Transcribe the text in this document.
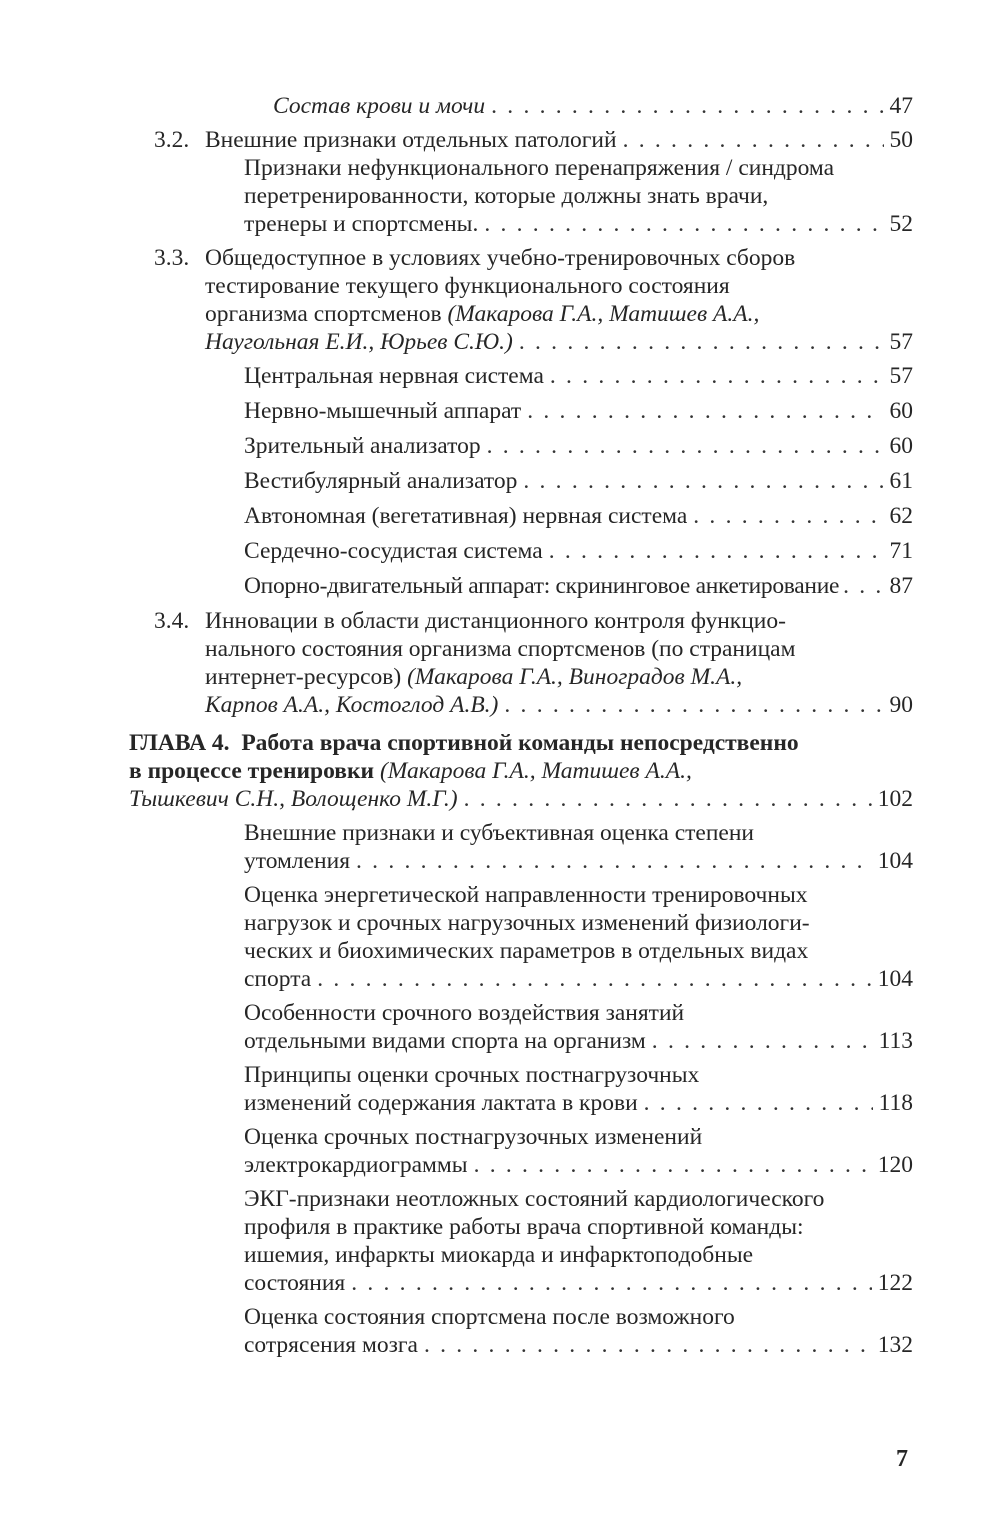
Состав крови и мочи . . .	47
3.2. Внешние признаки отдельных патологий . . .	50
Признаки нефункционального перенапряжения / синдрома
перетренированности, которые должны знать врачи,
тренеры и спортсмены. . . .	52
3.3. Общедоступное в условиях учебно-тренировочных сборов
тестирование текущего функционального состояния
организма спортсменов
(Макарова Г.А., Матишев А.А.,
Наугольная Е.И., Юрьев С.Ю.) . . .	57
Центральная нервная система . . .	57
Нервно-мышечный аппарат . . .	60
Зрительный анализатор . . .	60
Вестибулярный анализатор . . .	61
Автономная (вегетативная) нервная система . . .	62
Сердечно-сосудистая система . . .	71
Опорно-двигательный аппарат: скрининговое анкетирование . . . 87
3.4. Инновации в области дистанционного контроля функцио-
нального состояния организма спортсменов (по страницам
интернет-ресурсов)
(Макарова Г.А., Виноградов М.А.,
Карпов А.А., Костоглод А.В.) . . .	90
ГЛАВА 4.
Работа врача спортивной команды непосредственно
в процессе тренировки
(Макарова Г.А., Матишев А.А.,
Тышкевич С.Н., Волощенко М.Г.) . . .	102
Внешние признаки и субъективная оценка степени
утомления . . .	104
Оценка энергетической направленности тренировочных
нагрузок и срочных нагрузочных изменений физиологи-
ческих и биохимических параметров в отдельных видах
спорта . . .	104
Особенности срочного воздействия занятий
отдельными видами спорта на организм . . .	113
Принципы оценки срочных постнагрузочных
изменений содержания лактата в крови . . .	118
Оценка срочных постнагрузочных изменений
электрокардиограммы . . .	120
ЭКГ-признаки неотложных состояний кардиологического
профиля в практике работы врача спортивной команды:
ишемия, инфаркты миокарда и инфарктоподобные
состояния . . .	122
Оценка состояния спортсмена после возможного
сотрясения мозга . . .	132
7
